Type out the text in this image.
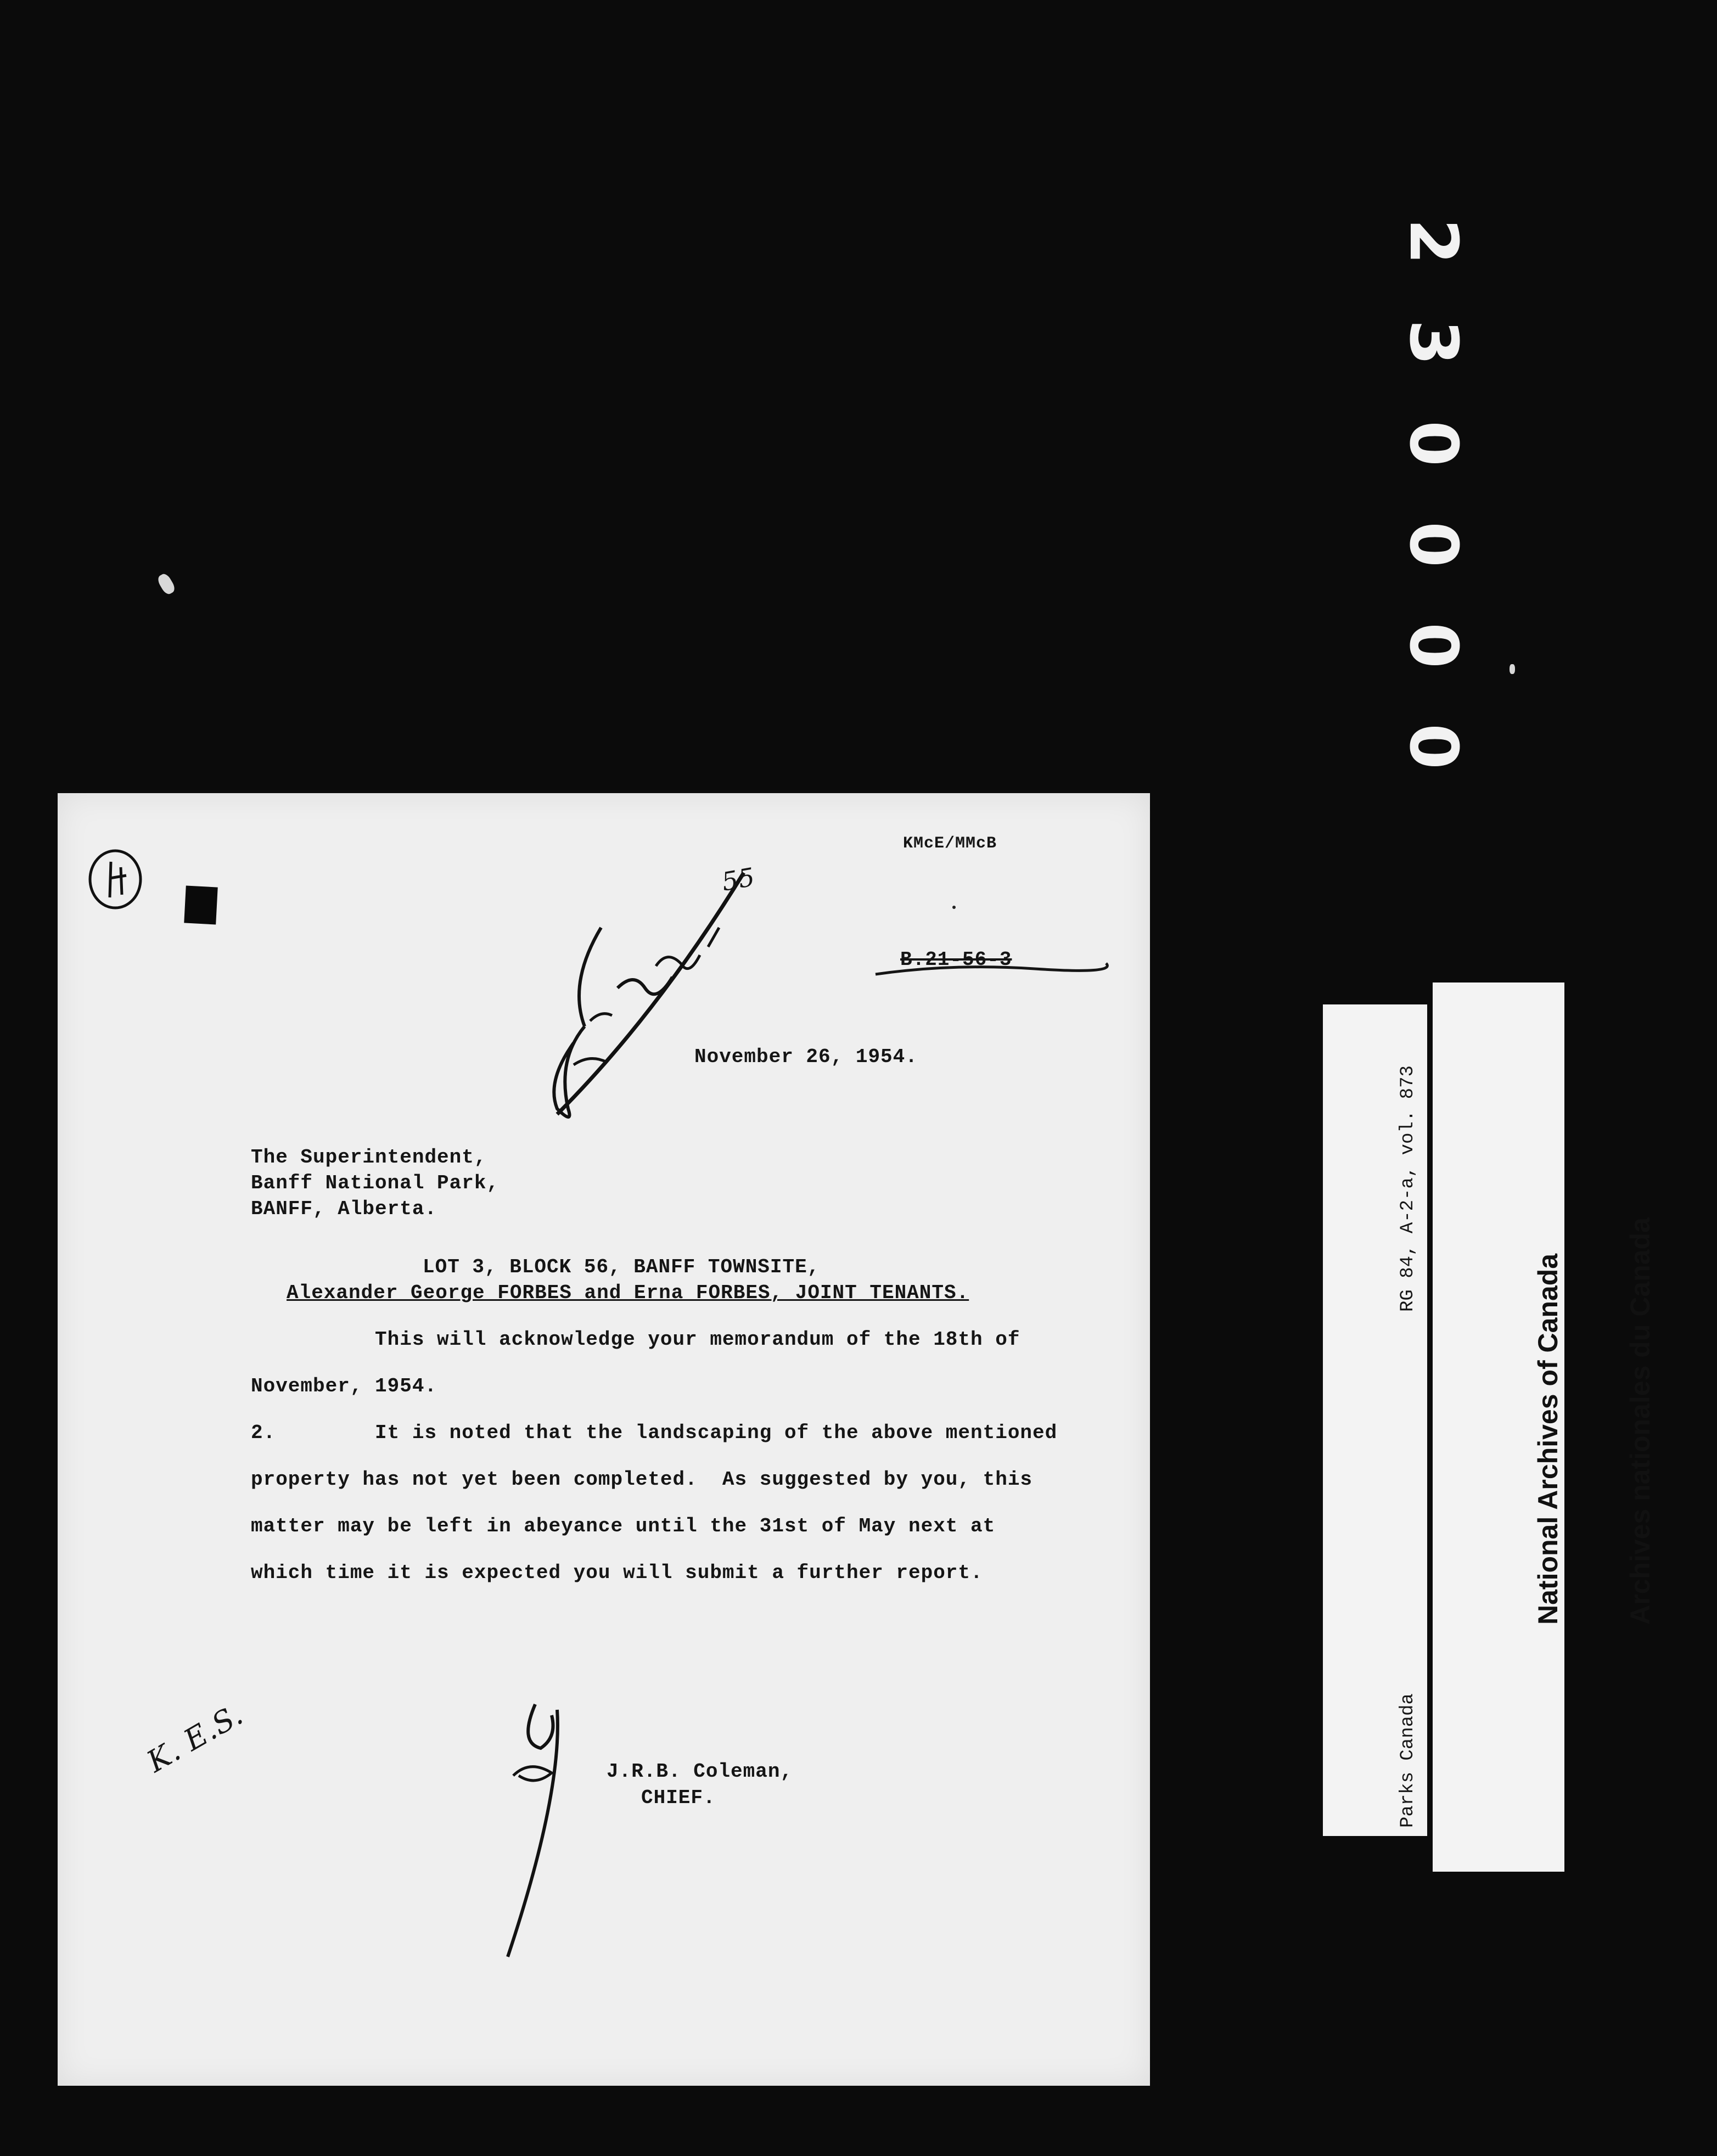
2
3
0
0
0
0
KMcE/MMcB
B.21-56-3
55
November 26, 1954.
The Superintendent,
Banff National Park,
BANFF, Alberta.
LOT 3, BLOCK 56, BANFF TOWNSITE,
Alexander George FORBES and Erna FORBES, JOINT TENANTS.
This will acknowledge your memorandum of the 18th of
November, 1954.
2.        It is noted that the landscaping of the above mentioned
property has not yet been completed.  As suggested by you, this
matter may be left in abeyance until the 31st of May next at
which time it is expected you will submit a further report.
K. E.S.	J.R.B. Coleman,
CHIEF.

RG 84, A-2-a, vol. 873

Parks Canada

National Archives of Canada

Archives nationales du Canada
